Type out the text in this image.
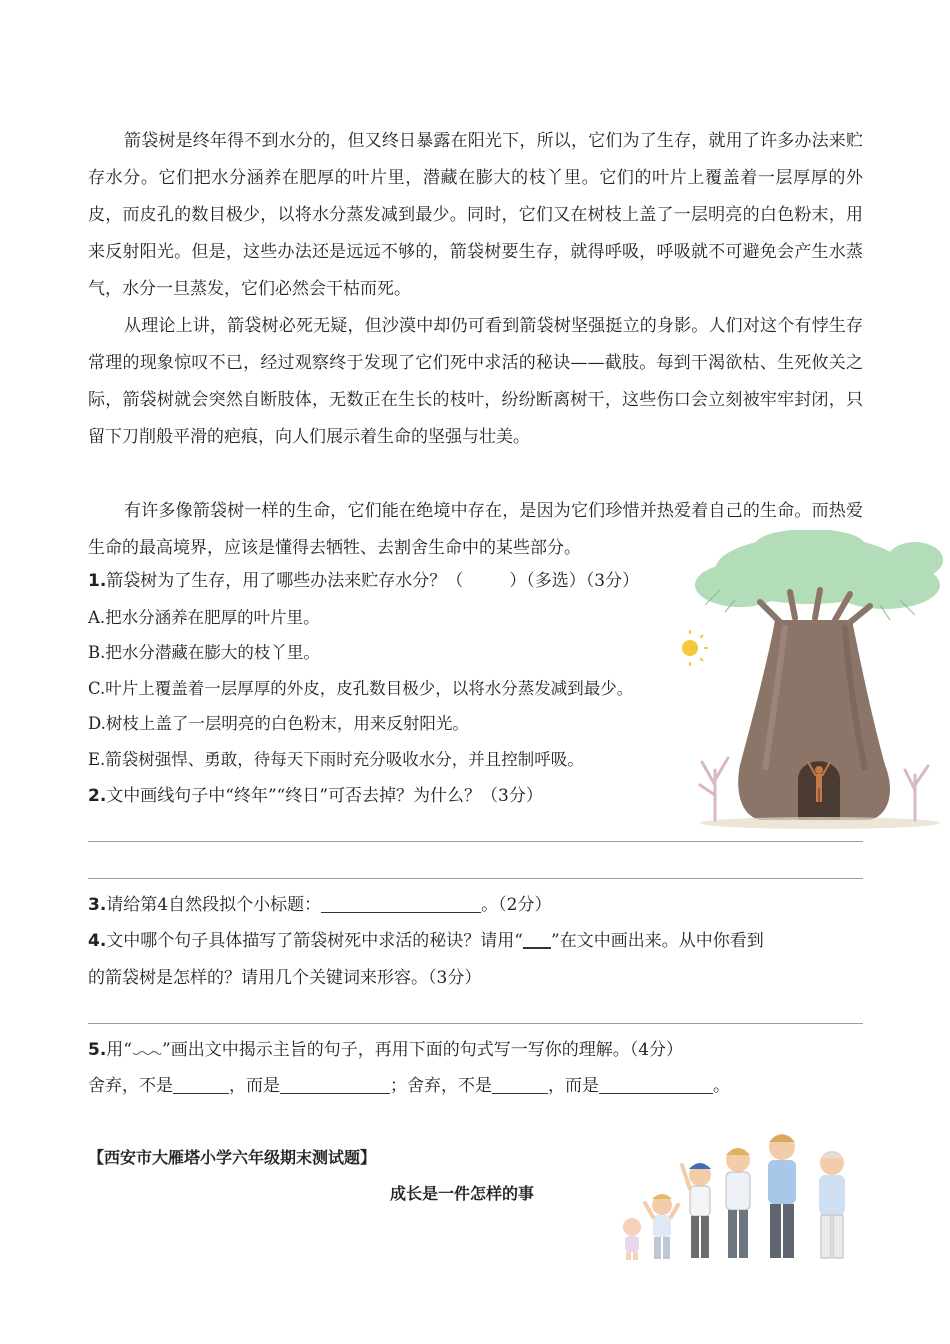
箭袋树是终年得不到水分的，但又终日暴露在阳光下，所以，它们为了生存，就用了许多办法来贮存水分。它们把水分涵养在肥厚的叶片里，潜藏在膨大的枝丫里。它们的叶片上覆盖着一层厚厚的外皮，而皮孔的数目极少，以将水分蒸发减到最少。同时，它们又在树枝上盖了一层明亮的白色粉末，用来反射阳光。但是，这些办法还是远远不够的，箭袋树要生存，就得呼吸，呼吸就不可避免会产生水蒸气，水分一旦蒸发，它们必然会干枯而死。

从理论上讲，箭袋树必死无疑，但沙漠中却仍可看到箭袋树坚强挺立的身影。人们对这个有悖生存常理的现象惊叹不已，经过观察终于发现了它们死中求活的秘诀——截肢。每到干渴欲枯、生死攸关之际，箭袋树就会突然自断肢体，无数正在生长的枝叶，纷纷断离树干，这些伤口会立刻被牢牢封闭，只留下刀削般平滑的疤痕，向人们展示着生命的坚强与壮美。

有许多像箭袋树一样的生命，它们能在绝境中存在，是因为它们珍惜并热爱着自己的生命。而热爱生命的最高境界，应该是懂得去牺牲、去割舍生命中的某些部分。

1.箭袋树为了生存，用了哪些办法来贮存水分？（	）（多选）（3分）

A.把水分涵养在肥厚的叶片里。

B.把水分潜藏在膨大的枝丫里。

C.叶片上覆盖着一层厚厚的外皮，皮孔数目极少，以将水分蒸发减到最少。

D.树枝上盖了一层明亮的白色粉末，用来反射阳光。

E.箭袋树强悍、勇敢，待每天下雨时充分吸收水分，并且控制呼吸。

2.文中画线句子中“终年”“终日”可否去掉？为什么？（3分）

3.请给第4自然段拟个小标题：	。（2分）

4.文中哪个句子具体描写了箭袋树死中求活的秘诀？请用“ ”在文中画出来。从中你看到

的箭袋树是怎样的？请用几个关键词来形容。（3分）

5.用“ ”画出文中揭示主旨的句子，再用下面的句式写一写你的理解。（4分）

舍弃，不是	，而是	；舍弃，不是	，而是	。

【西安市大雁塔小学六年级期末测试题】
成长是一件怎样的事
